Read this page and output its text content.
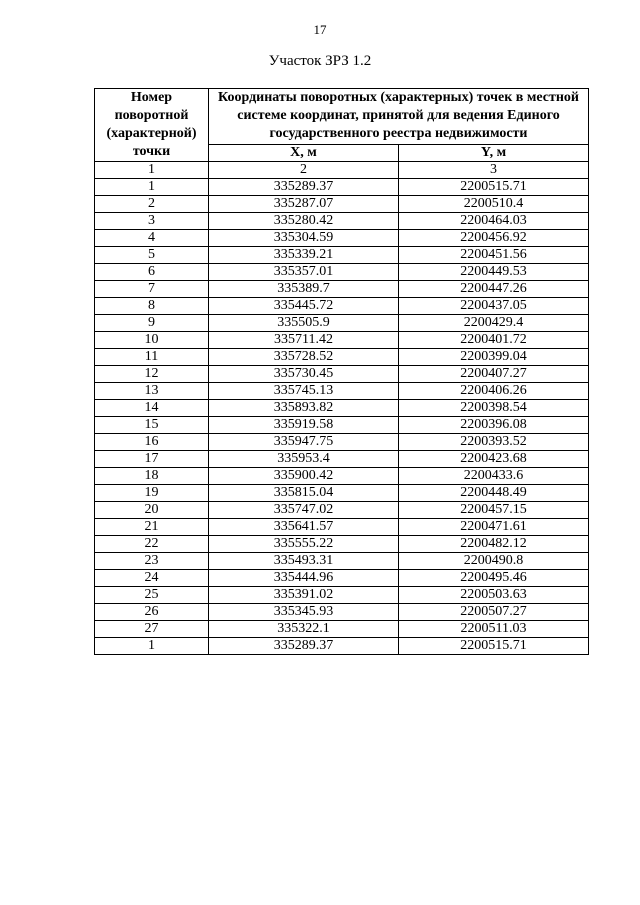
17
Участок ЗРЗ 1.2
Номер поворотной (характерной) точки	Координаты поворотных (характерных) точек в местной системе координат, принятой для ведения Единого государственного реестра недвижимости	
	X, м	Y, м
1	2	3
1	335289.37	2200515.71
2	335287.07	2200510.4
3	335280.42	2200464.03
4	335304.59	2200456.92
5	335339.21	2200451.56
6	335357.01	2200449.53
7	335389.7	2200447.26
8	335445.72	2200437.05
9	335505.9	2200429.4
10	335711.42	2200401.72
11	335728.52	2200399.04
12	335730.45	2200407.27
13	335745.13	2200406.26
14	335893.82	2200398.54
15	335919.58	2200396.08
16	335947.75	2200393.52
17	335953.4	2200423.68
18	335900.42	2200433.6
19	335815.04	2200448.49
20	335747.02	2200457.15
21	335641.57	2200471.61
22	335555.22	2200482.12
23	335493.31	2200490.8
24	335444.96	2200495.46
25	335391.02	2200503.63
26	335345.93	2200507.27
27	335322.1	2200511.03
1	335289.37	2200515.71
